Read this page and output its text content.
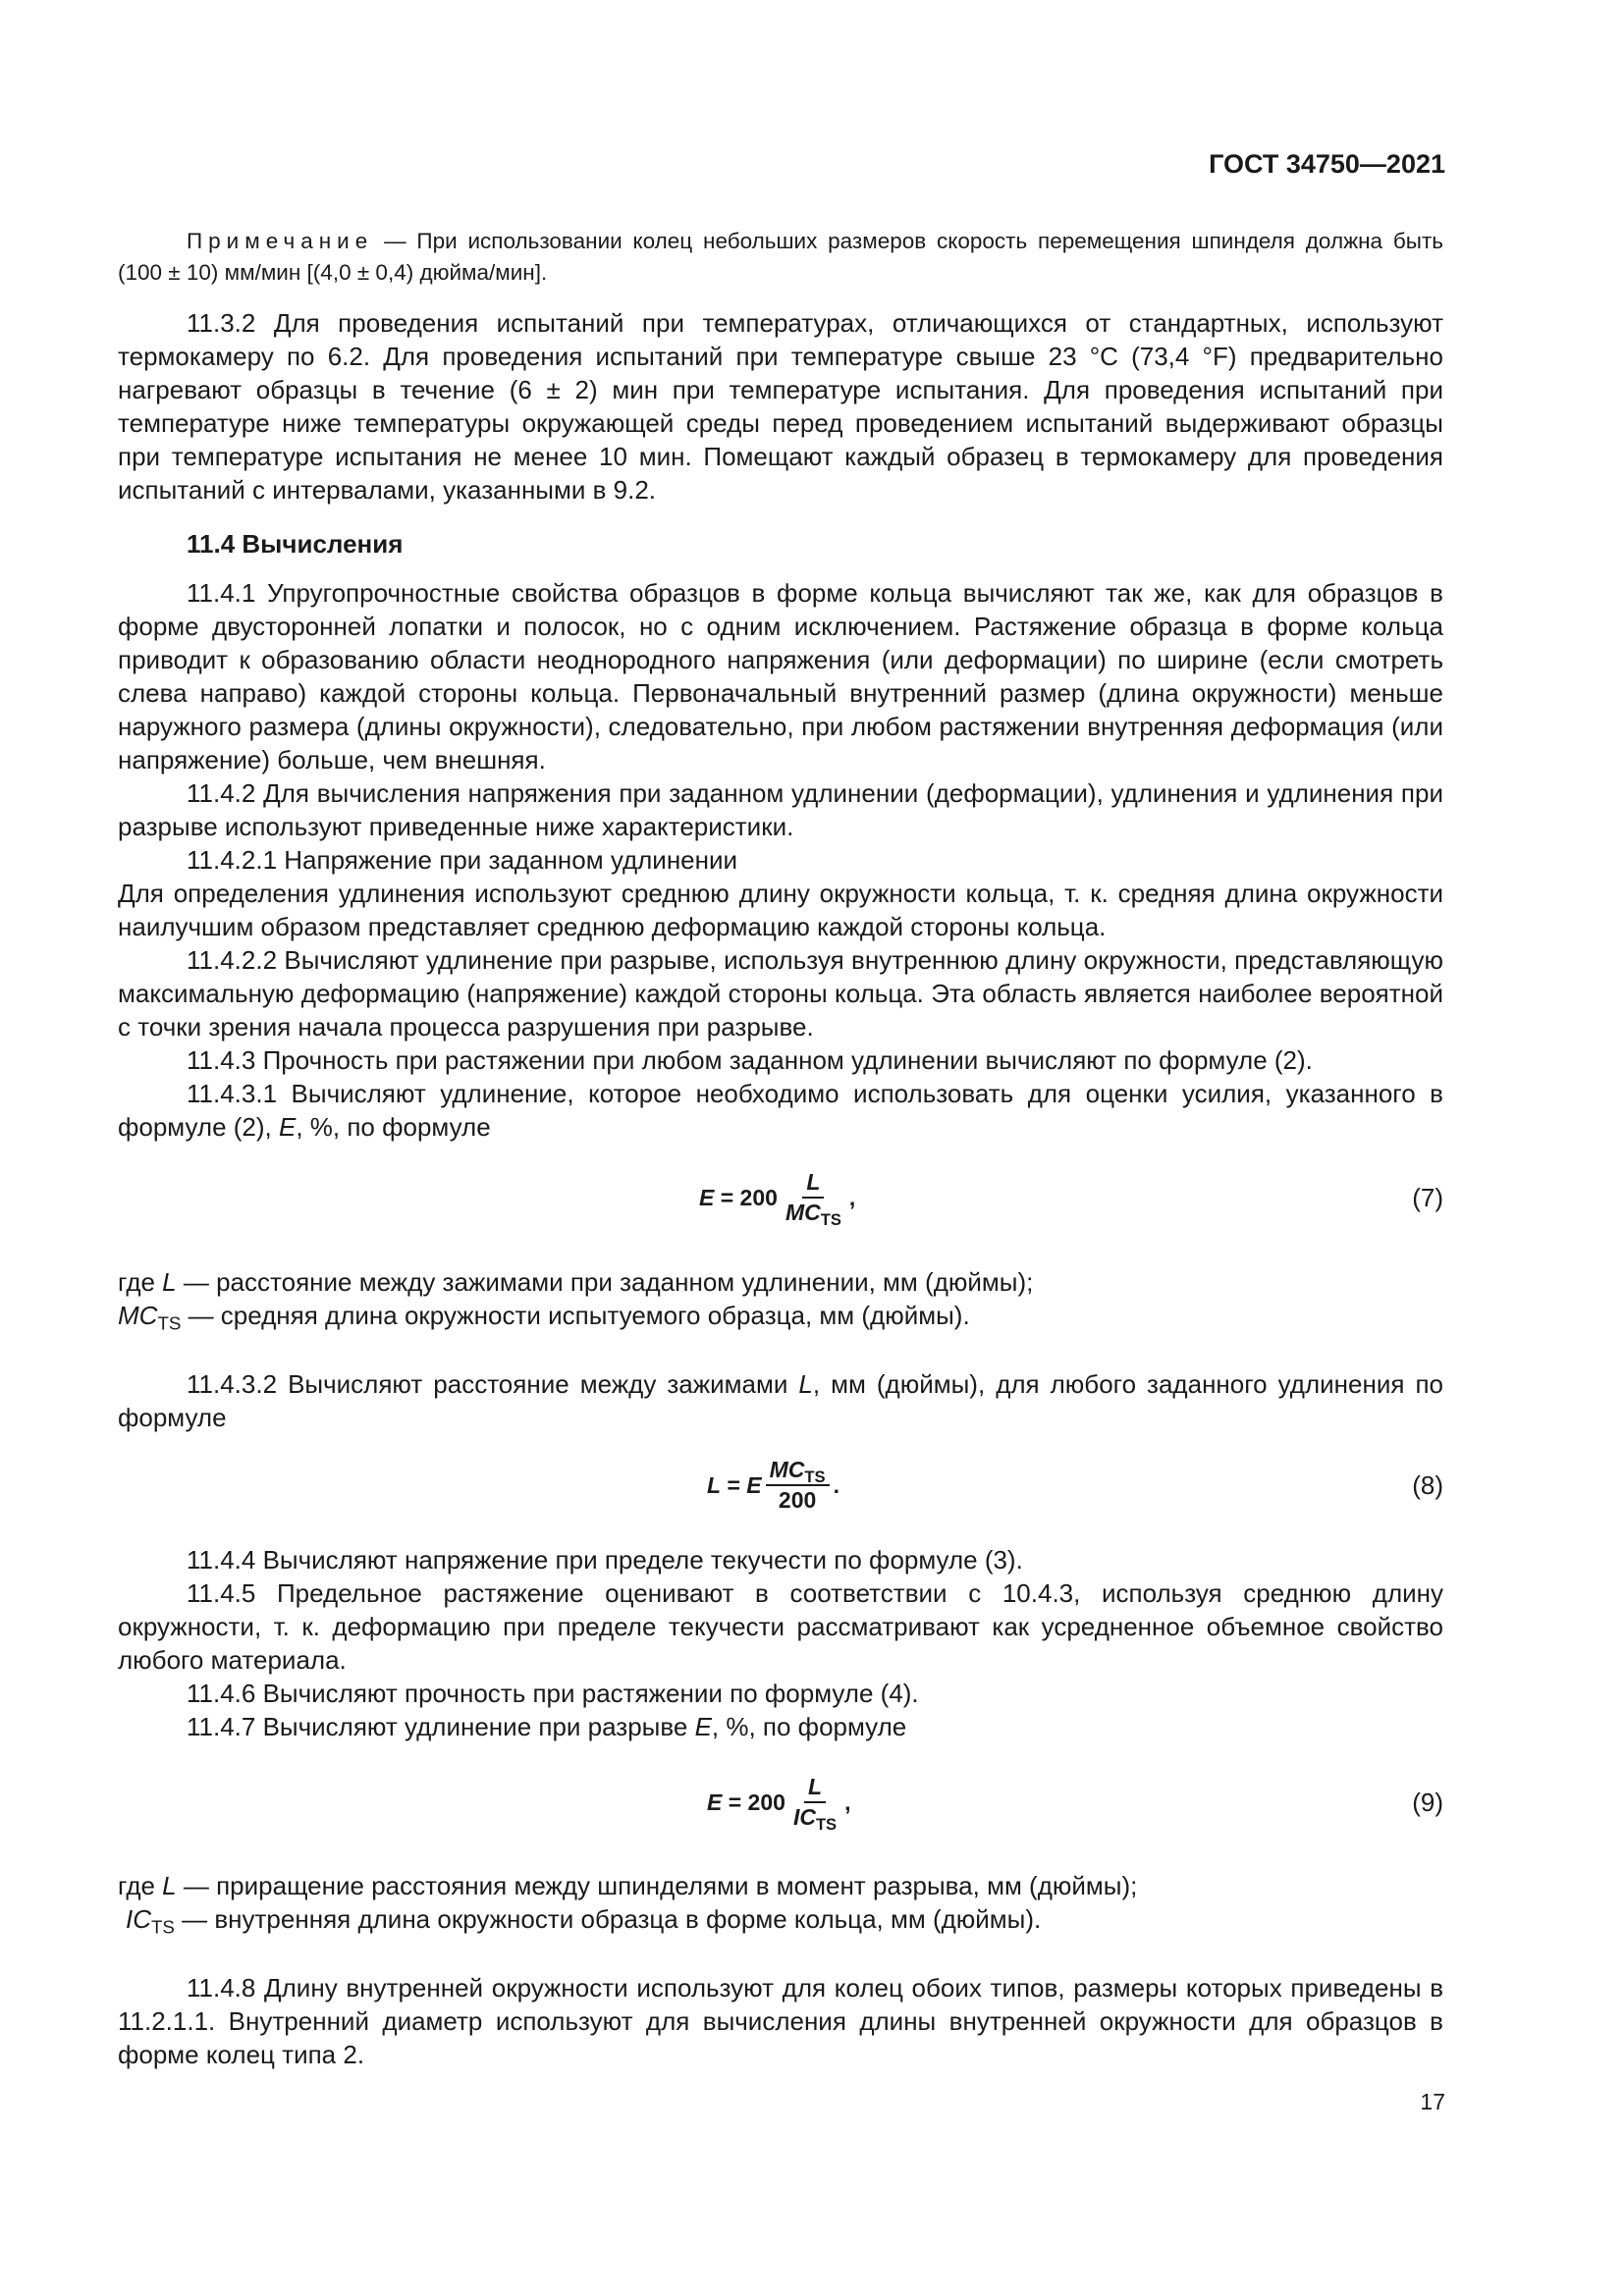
ГОСТ 34750—2021

Примечание — При использовании колец небольших размеров скорость перемещения шпинделя должна быть (100 ± 10) мм/мин [(4,0 ± 0,4) дюйма/мин].

11.3.2 Для проведения испытаний при температурах, отличающихся от стандартных, используют термокамеру по 6.2. Для проведения испытаний при температуре свыше 23 °С (73,4 °F) предварительно нагревают образцы в течение (6 ± 2) мин при температуре испытания. Для проведения испытаний при температуре ниже температуры окружающей среды перед проведением испытаний выдерживают образцы при температуре испытания не менее 10 мин. Помещают каждый образец в термокамеру для проведения испытаний с интервалами, указанными в 9.2.

11.4 Вычисления

11.4.1 Упругопрочностные свойства образцов в форме кольца вычисляют так же, как для образцов в форме двусторонней лопатки и полосок, но с одним исключением. Растяжение образца в форме кольца приводит к образованию области неоднородного напряжения (или деформации) по ширине (если смотреть слева направо) каждой стороны кольца. Первоначальный внутренний размер (длина окружности) меньше наружного размера (длины окружности), следовательно, при любом растяжении внутренняя деформация (или напряжение) больше, чем внешняя.

11.4.2 Для вычисления напряжения при заданном удлинении (деформации), удлинения и удлинения при разрыве используют приведенные ниже характеристики.

11.4.2.1 Напряжение при заданном удлинении

Для определения удлинения используют среднюю длину окружности кольца, т. к. средняя длина окружности наилучшим образом представляет среднюю деформацию каждой стороны кольца.

11.4.2.2 Вычисляют удлинение при разрыве, используя внутреннюю длину окружности, представляющую максимальную деформацию (напряжение) каждой стороны кольца. Эта область является наиболее вероятной с точки зрения начала процесса разрушения при разрыве.

11.4.3 Прочность при растяжении при любом заданном удлинении вычисляют по формуле (2).

11.4.3.1 Вычисляют удлинение, которое необходимо использовать для оценки усилия, указанного в формуле (2), E, %, по формуле

$E = 200 \frac{L}{MC_{TS}}$ ,	(7)

где L — расстояние между зажимами при заданном удлинении, мм (дюймы);

$MC_{TS}$ — средняя длина окружности испытуемого образца, мм (дюймы).

11.4.3.2 Вычисляют расстояние между зажимами L, мм (дюймы), для любого заданного удлинения по формуле

L = E $\frac{MC_{TS}}{200}$ .	(8)

11.4.4 Вычисляют напряжение при пределе текучести по формуле (3).

11.4.5 Предельное растяжение оценивают в соответствии с 10.4.3, используя среднюю длину окружности, т. к. деформацию при пределе текучести рассматривают как усредненное объемное свойство любого материала.

11.4.6 Вычисляют прочность при растяжении по формуле (4).

11.4.7 Вычисляют удлинение при разрыве E, %, по формуле

$E = 200 \frac{L}{IC_{TS}}$ ,	(9)

где L — приращение расстояния между шпинделями в момент разрыва, мм (дюймы);

$IC_{TS}$ — внутренняя длина окружности образца в форме кольца, мм (дюймы).

11.4.8 Длину внутренней окружности используют для колец обоих типов, размеры которых приведены в 11.2.1.1. Внутренний диаметр используют для вычисления длины внутренней окружности для образцов в форме колец типа 2.

17
